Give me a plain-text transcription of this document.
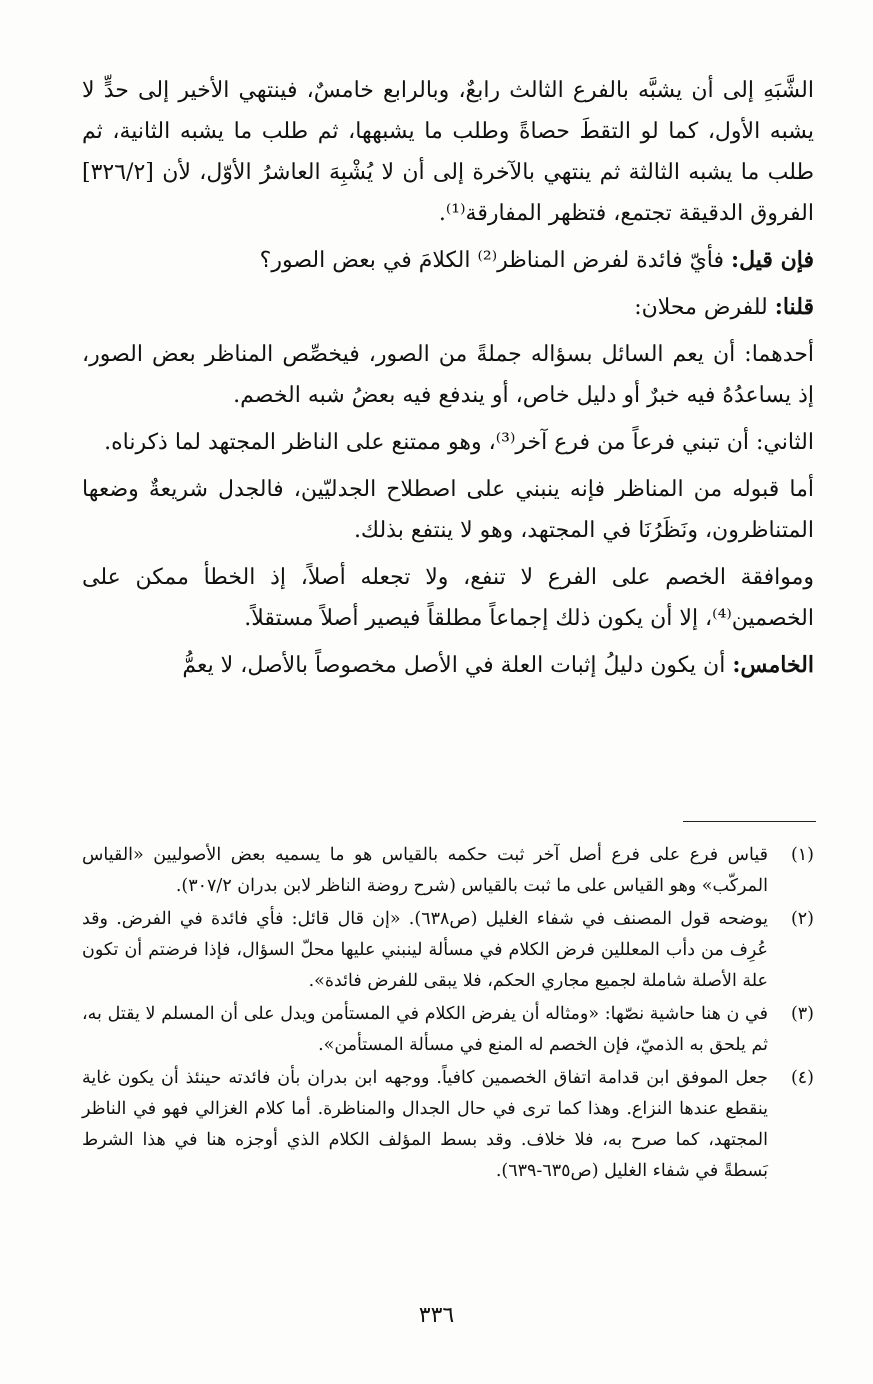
الشَّبَهِ إلى أن يشبَّه بالفرع الثالث رابعٌ، وبالرابع خامسٌ، فينتهي الأخير إلى حدٍّ لا يشبه الأول، كما لو التقطَ حصاةً وطلب ما يشبهها، ثم طلب ما يشبه الثانية، ثم طلب ما يشبه الثالثة ثم ينتهي بالآخرة إلى أن لا يُشْبِهَ العاشرُ الأوّل، لأن [٣٢٦/٢] الفروق الدقيقة تجتمع، فتظهر المفارقة⁽¹⁾.

فإن قيل: فأيّ فائدة لفرض المناظر⁽²⁾ الكلامَ في بعض الصور؟

قلنا: للفرض محلان:

أحدهما: أن يعم السائل بسؤاله جملةً من الصور، فيخصِّص المناظر بعض الصور، إذ يساعدُهُ فيه خبرٌ أو دليل خاص، أو يندفع فيه بعضُ شبه الخصم.

الثاني: أن تبني فرعاً من فرع آخر⁽³⁾، وهو ممتنع على الناظر المجتهد لما ذكرناه.

أما قبوله من المناظر فإنه ينبني على اصطلاح الجدليّين، فالجدل شريعةٌ وضعها المتناظرون، ونَظَرُنَا في المجتهد، وهو لا ينتفع بذلك.

وموافقة الخصم على الفرع لا تنفع، ولا تجعله أصلاً، إذ الخطأ ممكن على الخصمين⁽⁴⁾، إلا أن يكون ذلك إجماعاً مطلقاً فيصير أصلاً مستقلاً.

الخامس: أن يكون دليلُ إثبات العلة في الأصل مخصوصاً بالأصل، لا يعمُّ

(١)
قياس فرع على فرع أصل آخر ثبت حكمه بالقياس هو ما يسميه بعض الأصوليين «القياس المركّب» وهو القياس على ما ثبت بالقياس (شرح روضة الناظر لابن بدران ٣٠٧/٢).
(٢)
يوضحه قول المصنف في شفاء الغليل (ص٦٣٨). «إن قال قائل: فأي فائدة في الفرض. وقد عُرِف من دأب المعللين فرض الكلام في مسألة لينبني عليها محلّ السؤال، فإذا فرضتم أن تكون علة الأصلة شاملة لجميع مجاري الحكم، فلا يبقى للفرض فائدة».
(٣)
في ن هنا حاشية نصّها: «ومثاله أن يفرض الكلام في المستأمن ويدل على أن المسلم لا يقتل به، ثم يلحق به الذميّ، فإن الخصم له المنع في مسألة المستأمن».
(٤)
جعل الموفق ابن قدامة اتفاق الخصمين كافياً. ووجهه ابن بدران بأن فائدته حينئذ أن يكون غاية ينقطع عندها النزاع. وهذا كما ترى في حال الجدال والمناظرة. أما كلام الغزالي فهو في الناظر المجتهد، كما صرح به، فلا خلاف. وقد بسط المؤلف الكلام الذي أوجزه هنا في هذا الشرط بَسطةً في شفاء الغليل (ص٦٣٥-٦٣٩).
٣٣٦
